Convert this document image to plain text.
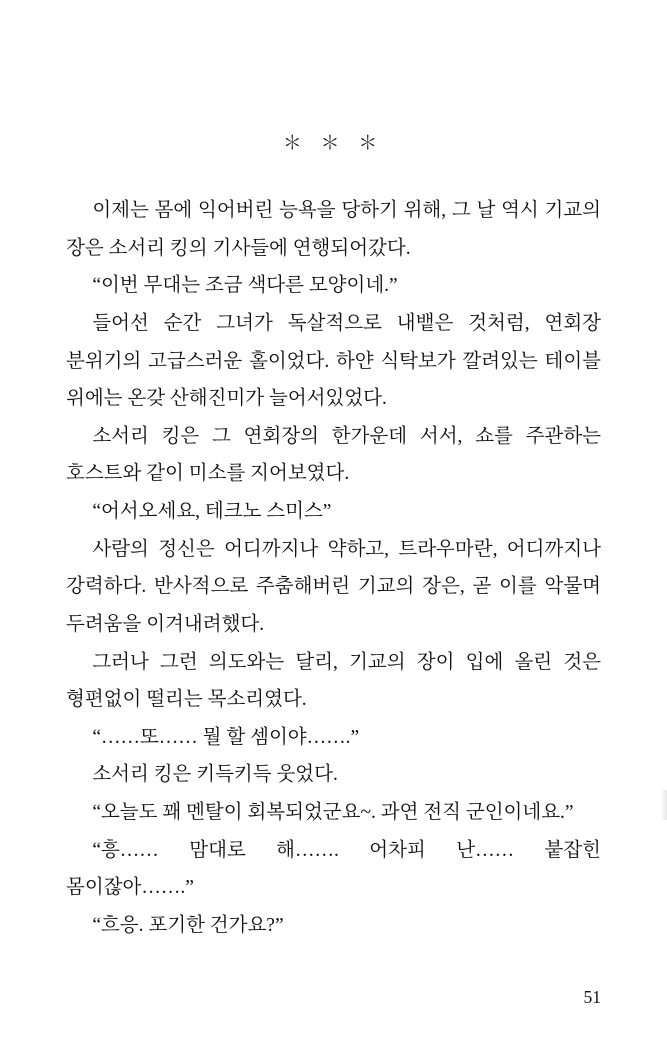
＊ ＊ ＊

이제는 몸에 익어버린 능욕을 당하기 위해, 그 날 역시 기교의 장은 소서리 킹의 기사들에 연행되어갔다.

“이번 무대는 조금 색다른 모양이네.”

들어선 순간 그녀가 독살적으로 내뱉은 것처럼, 연회장 분위기의 고급스러운 홀이었다. 하얀 식탁보가 깔려있는 테이블 위에는 온갖 산해진미가 늘어서있었다.

소서리 킹은 그 연회장의 한가운데 서서, 쇼를 주관하는 호스트와 같이 미소를 지어보였다.

“어서오세요, 테크노 스미스”

사람의 정신은 어디까지나 약하고, 트라우마란, 어디까지나 강력하다. 반사적으로 주춤해버린 기교의 장은, 곧 이를 악물며 두려움을 이겨내려했다.

그러나 그런 의도와는 달리, 기교의 장이 입에 올린 것은 형편없이 떨리는 목소리였다.

“……또…… 뭘 할 셈이야…….”

소서리 킹은 키득키득 웃었다.

“오늘도 꽤 멘탈이 회복되었군요~. 과연 전직 군인이네요.”

“흥…… 맘대로 해……. 어차피 난…… 붙잡힌 몸이잖아…….”

“흐응. 포기한 건가요?”

51
